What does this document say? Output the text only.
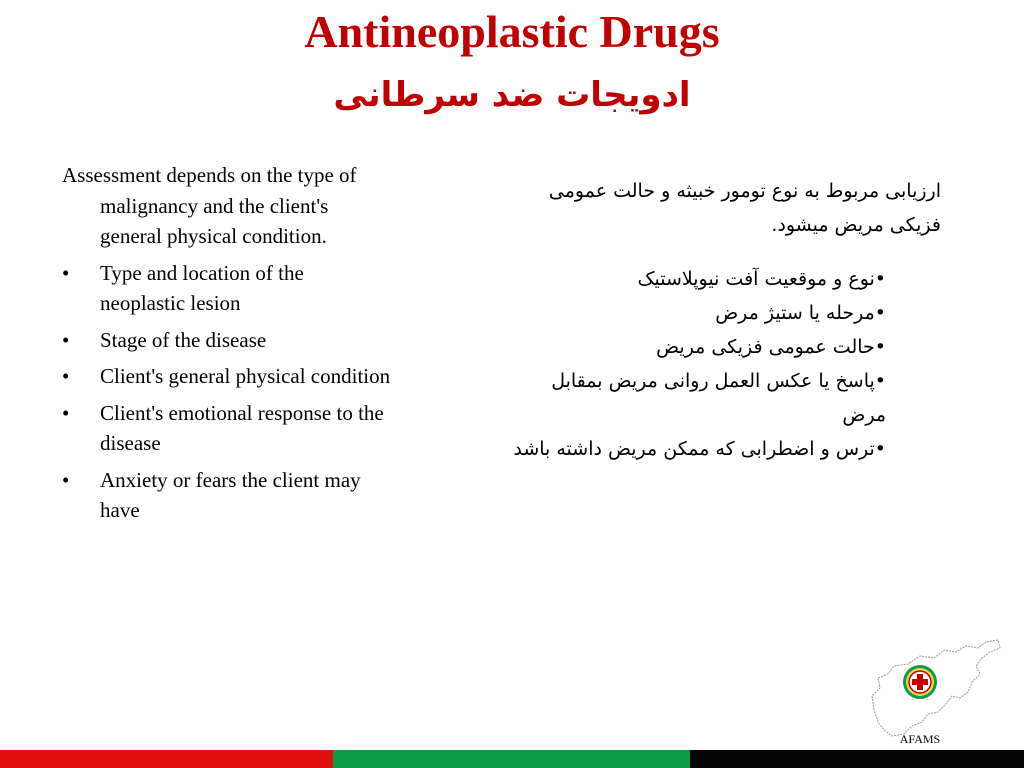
Antineoplastic Drugs
ادویجات ضد سرطانی

Assessment depends on the type of malignancy and the client's general physical condition.

• Type and location of the neoplastic lesion
• Stage of the disease
• Client's general physical condition
• Client's emotional response to the disease
• Anxiety or fears the client may have

ارزیابی مربوط به نوع تومور خبیثه و حالت عمومی فزیکی مریض میشود.

•نوع و موقعیت آفت نیوپلاستیک
•مرحله یا ستیژ مرض
•حالت عمومی فزیکی مریض
•پاسخ یا عکس العمل روانی مریض بمقابل مرض
•ترس و اضطرابی که ممکن مریض داشته باشد
AFAMS
